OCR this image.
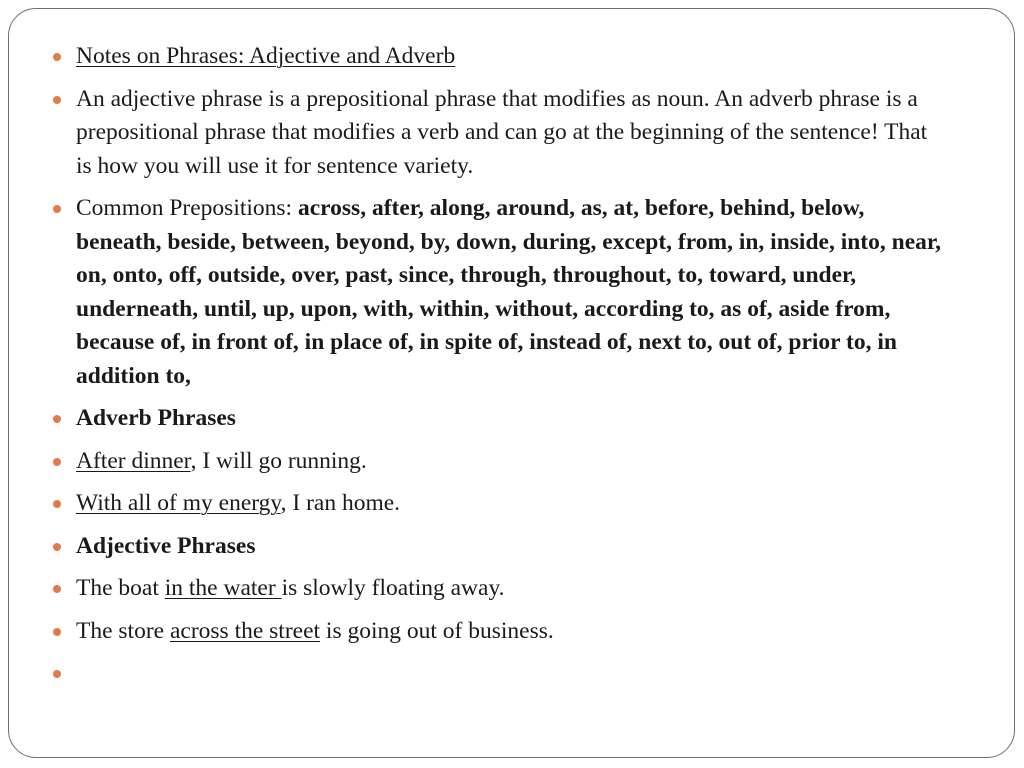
Notes on Phrases: Adjective and Adverb
An adjective phrase is a prepositional phrase that modifies as noun. An adverb phrase is a prepositional phrase that modifies a verb and can go at the beginning of the sentence! That is how you will use it for sentence variety.
Common Prepositions: across, after, along, around, as, at, before, behind, below, beneath, beside, between, beyond, by, down, during, except, from, in, inside, into, near, on, onto, off, outside, over, past, since, through, throughout, to, toward, under, underneath, until, up, upon, with, within, without, according to, as of, aside from, because of, in front of, in place of, in spite of, instead of, next to, out of, prior to, in addition to,
Adverb Phrases
After dinner, I will go running.
With all of my energy, I ran home.
Adjective Phrases
The boat in the water is slowly floating away.
The store across the street is going out of business.
